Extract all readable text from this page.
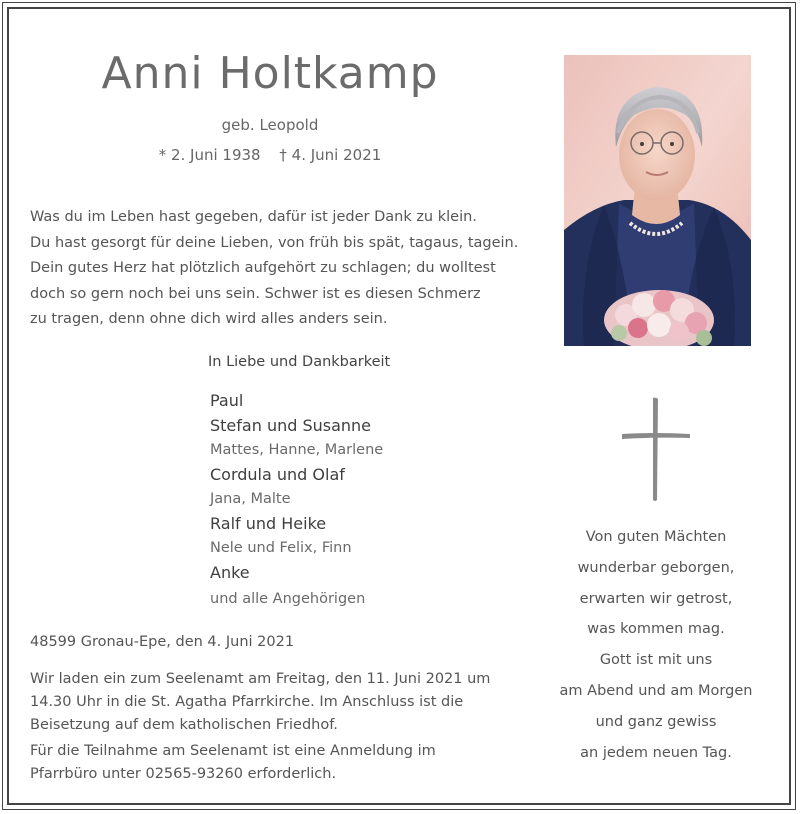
Anni Holtkamp
geb. Leopold
* 2. Juni 1938 † 4. Juni 2021
Was du im Leben hast gegeben, dafür ist jeder Dank zu klein.
Du hast gesorgt für deine Lieben, von früh bis spät, tagaus, tagein.
Dein gutes Herz hat plötzlich aufgehört zu schlagen; du wolltest
doch so gern noch bei uns sein. Schwer ist es diesen Schmerz
zu tragen, denn ohne dich wird alles anders sein.
In Liebe und Dankbarkeit
Paul
Stefan und Susanne
Mattes, Hanne, Marlene
Cordula und Olaf
Jana, Malte
Ralf und Heike
Nele und Felix, Finn
Anke
und alle Angehörigen
48599 Gronau-Epe, den 4. Juni 2021
Wir laden ein zum Seelenamt am Freitag, den 11. Juni 2021 um
14.30 Uhr in die St. Agatha Pfarrkirche. Im Anschluss ist die
Beisetzung auf dem katholischen Friedhof.
Für die Teilnahme am Seelenamt ist eine Anmeldung im
Pfarrbüro unter 02565-93260 erforderlich.
Von guten Mächten
wunderbar geborgen,
erwarten wir getrost,
was kommen mag.
Gott ist mit uns
am Abend und am Morgen
und ganz gewiss
an jedem neuen Tag.
